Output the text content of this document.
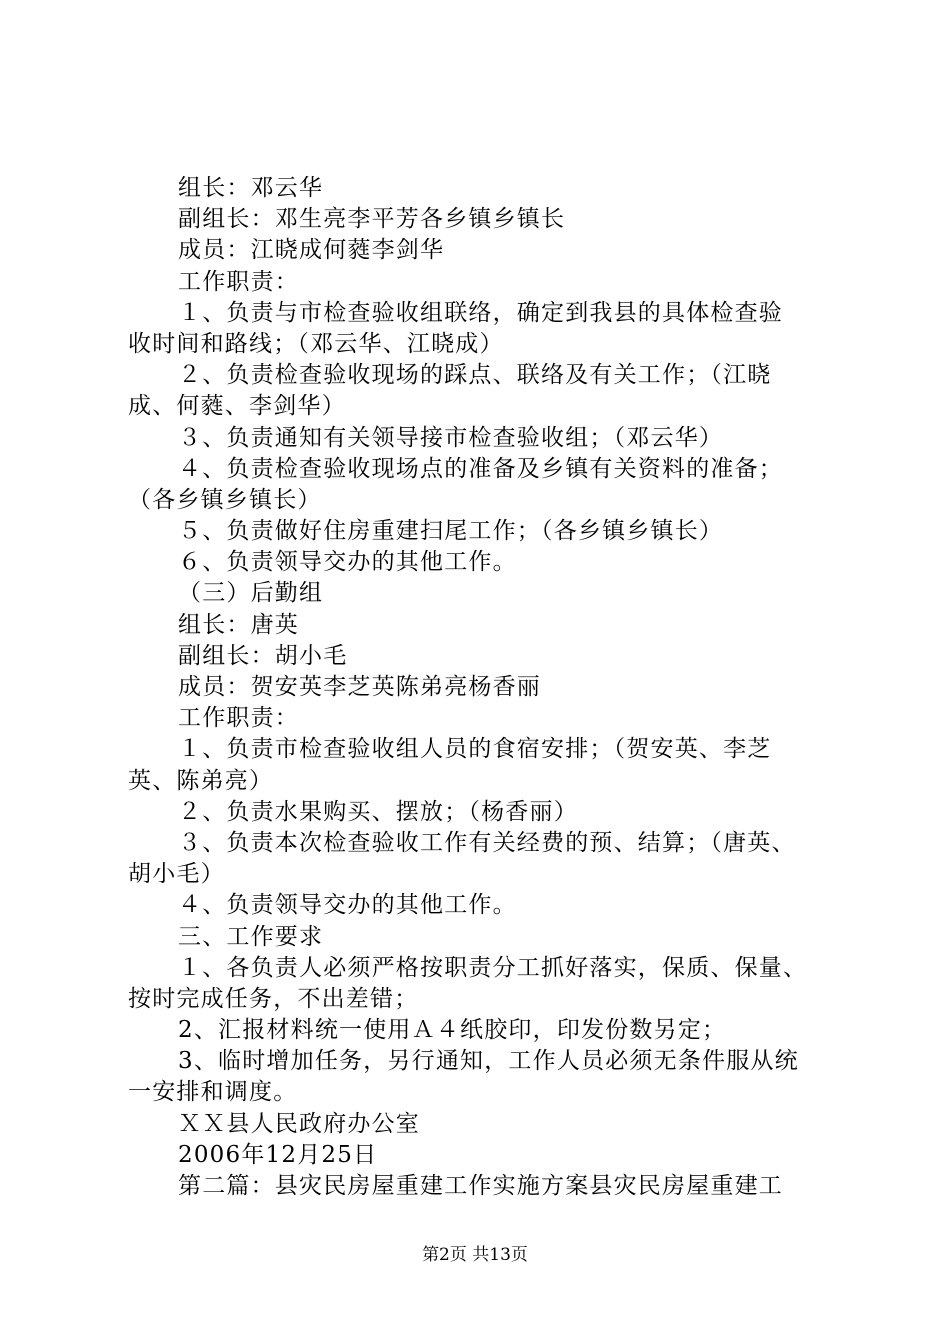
组长：邓云华
副组长：邓生亮李平芳各乡镇乡镇长
成员：江晓成何蕤李剑华
工作职责：
１、负责与市检查验收组联络，确定到我县的具体检查验
收时间和路线；（邓云华、江晓成）
２、负责检查验收现场的踩点、联络及有关工作；（江晓
成、何蕤、李剑华）
３、负责通知有关领导接市检查验收组；（邓云华）
４、负责检查验收现场点的准备及乡镇有关资料的准备；
（各乡镇乡镇长）
５、负责做好住房重建扫尾工作；（各乡镇乡镇长）
６、负责领导交办的其他工作。
（三）后勤组
组长：唐英
副组长：胡小毛
成员：贺安英李芝英陈弟亮杨香丽
工作职责：
１、负责市检查验收组人员的食宿安排；（贺安英、李芝
英、陈弟亮）
２、负责水果购买、摆放；（杨香丽）
３、负责本次检查验收工作有关经费的预、结算；（唐英、
胡小毛）
４、负责领导交办的其他工作。
三、工作要求
１、各负责人必须严格按职责分工抓好落实，保质、保量、
按时完成任务，不出差错；
2、汇报材料统一使用Ａ４纸胶印，印发份数另定；
3、临时增加任务，另行通知，工作人员必须无条件服从统
一安排和调度。
ＸＸ县人民政府办公室
2006年12月25日
第二篇：县灾民房屋重建工作实施方案县灾民房屋重建工
第2页 共13页
